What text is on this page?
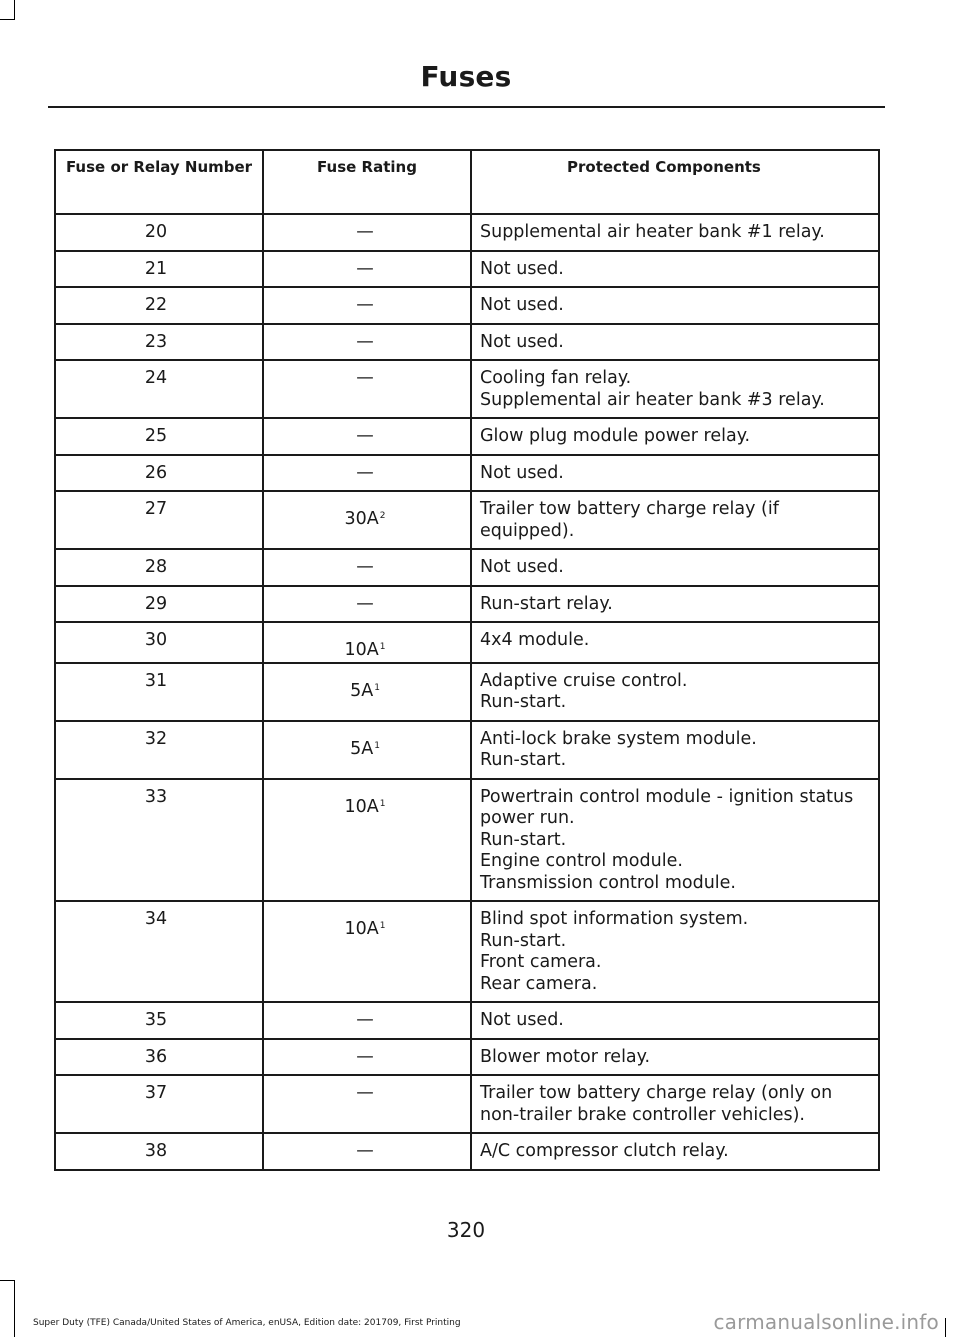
Fuses
Fuse or Relay Number	Fuse Rating	Protected Components
20	—	Supplemental air heater bank #1 relay.

21	—	Not used.

22	—	Not used.

23	—	Not used.

24	—	Cooling fan relay.
Supplemental air heater bank #3 relay.

25	—	Glow plug module power relay.

26	—	Not used.

27	$30A^2$	Trailer tow battery charge relay (if
equipped).

28	—	Not used.

29	—	Run-start relay.

30	$10A^1$	4x4 module.

31	$5A^1$	Adaptive cruise control.
Run-start.

32	$5A^1$	Anti-lock brake system module.
Run-start.

33	$10A^1$	Powertrain control module - ignition status
power run.
Run-start.
Engine control module.
Transmission control module.

34	$10A^1$	Blind spot information system.
Run-start.
Front camera.
Rear camera.

35	—	Not used.

36	—	Blower motor relay.

37	—	Trailer tow battery charge relay (only on
non-trailer brake controller vehicles).

38	—	A/C compressor clutch relay.
320
Super Duty (TFE) Canada/United States of America, enUSA, Edition date: 201709, First Printing	carmanualsonline.info
